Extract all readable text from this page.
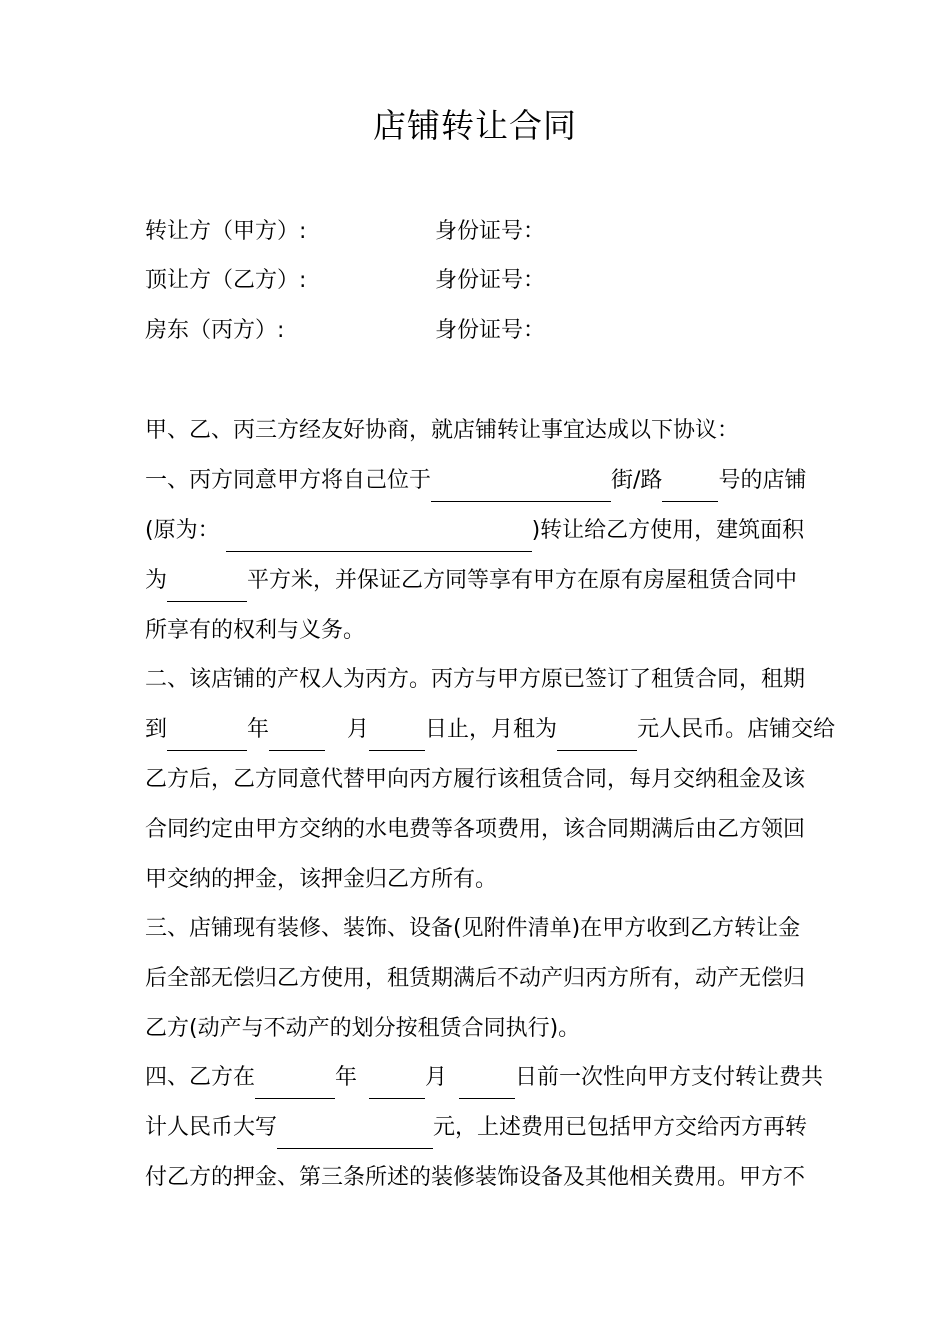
店铺转让合同
转让方（甲方）:	身份证号：
顶让方（乙方）:	身份证号：
房东（丙方）:	身份证号：
甲、乙、丙三方经友好协商，就店铺转让事宜达成以下协议：
一、丙方同意甲方将自己位于	街/路	号的店铺
(原为：	)转让给乙方使用，建筑面积
为	平方米，并保证乙方同等享有甲方在原有房屋租赁合同中
所享有的权利与义务。
二、该店铺的产权人为丙方。丙方与甲方原已签订了租赁合同，租期
到	年	月	日止，月租为	元人民币。店铺交给
乙方后，乙方同意代替甲向丙方履行该租赁合同，每月交纳租金及该
合同约定由甲方交纳的水电费等各项费用，该合同期满后由乙方领回
甲交纳的押金，该押金归乙方所有。
三、店铺现有装修、装饰、设备(见附件清单)在甲方收到乙方转让金
后全部无偿归乙方使用，租赁期满后不动产归丙方所有，动产无偿归
乙方(动产与不动产的划分按租赁合同执行)。
四、乙方在	年	月	日前一次性向甲方支付转让费共
计人民币大写	元，上述费用已包括甲方交给丙方再转
付乙方的押金、第三条所述的装修装饰设备及其他相关费用。甲方不
